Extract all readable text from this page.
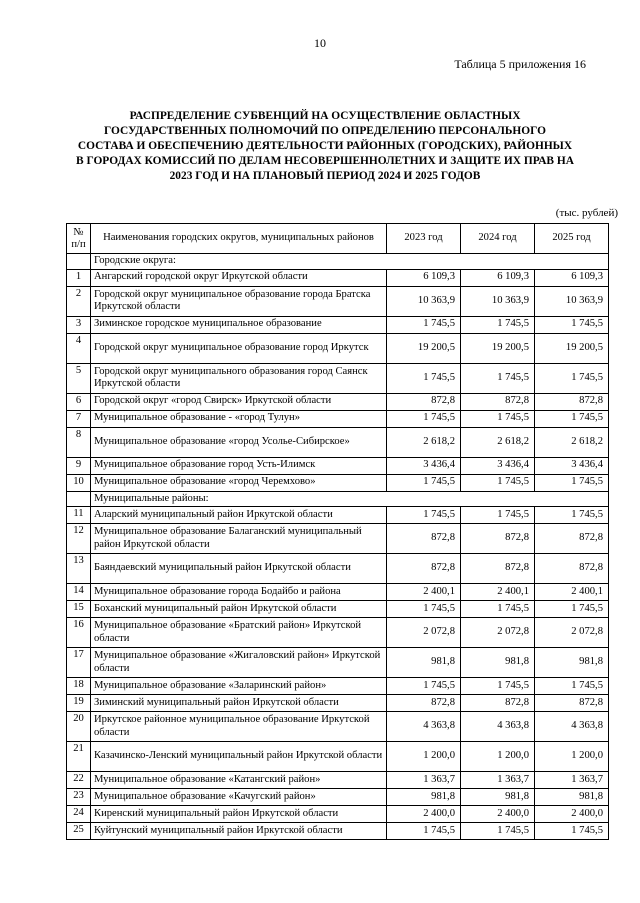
10
Таблица 5 приложения 16
РАСПРЕДЕЛЕНИЕ СУБВЕНЦИЙ НА ОСУЩЕСТВЛЕНИЕ ОБЛАСТНЫХ
ГОСУДАРСТВЕННЫХ ПОЛНОМОЧИЙ ПО ОПРЕДЕЛЕНИЮ ПЕРСОНАЛЬНОГО
СОСТАВА И ОБЕСПЕЧЕНИЮ ДЕЯТЕЛЬНОСТИ РАЙОННЫХ (ГОРОДСКИХ), РАЙОННЫХ
В ГОРОДАХ КОМИССИЙ ПО ДЕЛАМ НЕСОВЕРШЕННОЛЕТНИХ И ЗАЩИТЕ ИХ ПРАВ НА
2023 ГОД И НА ПЛАНОВЫЙ ПЕРИОД 2024 И 2025 ГОДОВ
(тыс. рублей)
№
п/п	Наименования городских округов, муниципальных районов	2023 год	2024 год	2025 год
	Городские округа:			
1	Ангарский городской округ Иркутской области	6 109,3	6 109,3	6 109,3
2	Городской округ муниципальное образование города Братска Иркутской области	10 363,9	10 363,9	10 363,9
3	Зиминское городское муниципальное образование	1 745,5	1 745,5	1 745,5
4	Городской округ муниципальное образование город Иркутск	19 200,5	19 200,5	19 200,5
5	Городской округ муниципального образования город Саянск Иркутской области	1 745,5	1 745,5	1 745,5
6	Городской округ «город Свирск» Иркутской области	872,8	872,8	872,8
7	Муниципальное образование - «город Тулун»	1 745,5	1 745,5	1 745,5
8	Муниципальное образование «город Усолье-Сибирское»	2 618,2	2 618,2	2 618,2
9	Муниципальное образование город Усть-Илимск	3 436,4	3 436,4	3 436,4
10	Муниципальное образование «город Черемхово»	1 745,5	1 745,5	1 745,5
	Муниципальные районы:			
11	Аларский муниципальный район Иркутской области	1 745,5	1 745,5	1 745,5
12	Муниципальное образование Балаганский муниципальный район Иркутской области	872,8	872,8	872,8
13	Баяндаевский муниципальный район Иркутской области	872,8	872,8	872,8
14	Муниципальное образование города Бодайбо и района	2 400,1	2 400,1	2 400,1
15	Боханский муниципальный район Иркутской области	1 745,5	1 745,5	1 745,5
16	Муниципальное образование «Братский район» Иркутской области	2 072,8	2 072,8	2 072,8
17	Муниципальное образование «Жигаловский район» Иркутской области	981,8	981,8	981,8
18	Муниципальное образование «Заларинский район»	1 745,5	1 745,5	1 745,5
19	Зиминский муниципальный район Иркутской области	872,8	872,8	872,8
20	Иркутское районное муниципальное образование Иркутской области	4 363,8	4 363,8	4 363,8
21	Казачинско-Ленский муниципальный район Иркутской области	1 200,0	1 200,0	1 200,0
22	Муниципальное образование «Катангский район»	1 363,7	1 363,7	1 363,7
23	Муниципальное образование «Качугский район»	981,8	981,8	981,8
24	Киренский муниципальный район Иркутской области	2 400,0	2 400,0	2 400,0
25	Куйтунский муниципальный район Иркутской области	1 745,5	1 745,5	1 745,5
